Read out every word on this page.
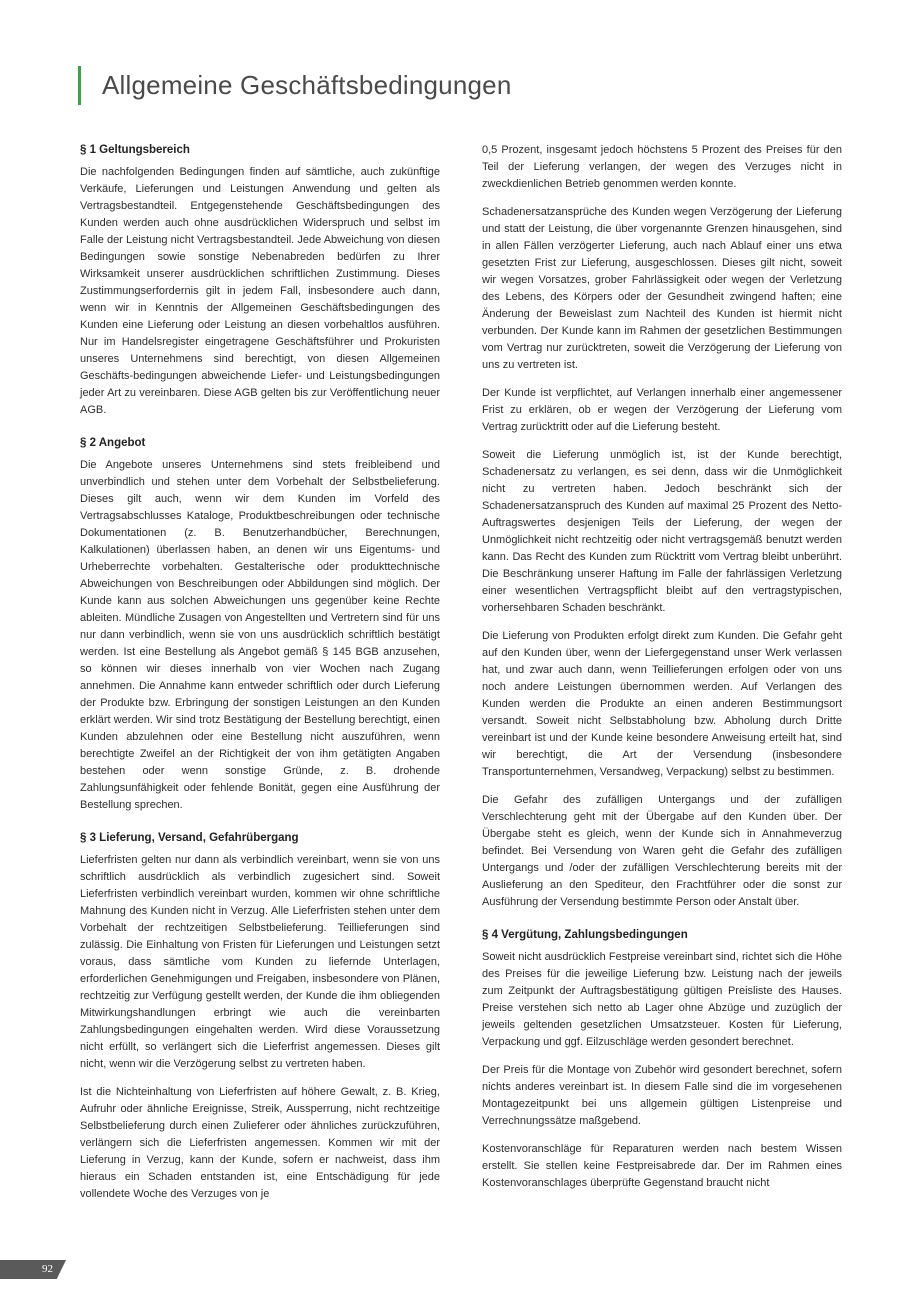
Allgemeine Geschäftsbedingungen
§ 1 Geltungsbereich

Die nachfolgenden Bedingungen finden auf sämtliche, auch zukünftige Verkäufe, Lieferungen und Leistungen Anwendung und gelten als Vertragsbestandteil. Entgegenstehende Geschäftsbedingungen des Kunden werden auch ohne ausdrücklichen Widerspruch und selbst im Falle der Leistung nicht Vertragsbestandteil. Jede Abweichung von diesen Bedingungen sowie sonstige Nebenabreden bedürfen zu Ihrer Wirksamkeit unserer ausdrücklichen schriftlichen Zustimmung. Dieses Zustimmungserfordernis gilt in jedem Fall, insbesondere auch dann, wenn wir in Kenntnis der Allgemeinen Geschäftsbedingungen des Kunden eine Lieferung oder Leistung an diesen vorbehaltlos ausführen. Nur im Handelsregister eingetragene Geschäftsführer und Prokuristen unseres Unternehmens sind berechtigt, von diesen Allgemeinen Geschäfts-bedingungen abweichende Liefer- und Leistungsbedingungen jeder Art zu vereinbaren. Diese AGB gelten bis zur Veröffentlichung neuer AGB.

§ 2 Angebot

Die Angebote unseres Unternehmens sind stets freibleibend und unverbindlich und stehen unter dem Vorbehalt der Selbstbelieferung. Dieses gilt auch, wenn wir dem Kunden im Vorfeld des Vertragsabschlusses Kataloge, Produktbeschreibungen oder technische Dokumentationen (z. B. Benutzerhandbücher, Berechnungen, Kalkulationen) überlassen haben, an denen wir uns Eigentums- und Urheberrechte vorbehalten. Gestalterische oder produkttechnische Abweichungen von Beschreibungen oder Abbildungen sind möglich. Der Kunde kann aus solchen Abweichungen uns gegenüber keine Rechte ableiten. Mündliche Zusagen von Angestellten und Vertretern sind für uns nur dann verbindlich, wenn sie von uns ausdrücklich schriftlich bestätigt werden. Ist eine Bestellung als Angebot gemäß § 145 BGB anzusehen, so können wir dieses innerhalb von vier Wochen nach Zugang annehmen. Die Annahme kann entweder schriftlich oder durch Lieferung der Produkte bzw. Erbringung der sonstigen Leistungen an den Kunden erklärt werden. Wir sind trotz Bestätigung der Bestellung berechtigt, einen Kunden abzulehnen oder eine Bestellung nicht auszuführen, wenn berechtigte Zweifel an der Richtigkeit der von ihm getätigten Angaben bestehen oder wenn sonstige Gründe, z. B. drohende Zahlungsunfähigkeit oder fehlende Bonität, gegen eine Ausführung der Bestellung sprechen.

§ 3 Lieferung, Versand, Gefahrübergang

Lieferfristen gelten nur dann als verbindlich vereinbart, wenn sie von uns schriftlich ausdrücklich als verbindlich zugesichert sind. Soweit Lieferfristen verbindlich vereinbart wurden, kommen wir ohne schriftliche Mahnung des Kunden nicht in Verzug. Alle Lieferfristen stehen unter dem Vorbehalt der rechtzeitigen Selbstbelieferung. Teillieferungen sind zulässig. Die Einhaltung von Fristen für Lieferungen und Leistungen setzt voraus, dass sämtliche vom Kunden zu liefernde Unterlagen, erforderlichen Genehmigungen und Freigaben, insbesondere von Plänen, rechtzeitig zur Verfügung gestellt werden, der Kunde die ihm obliegenden Mitwirkungshandlungen erbringt wie auch die vereinbarten Zahlungsbedingungen eingehalten werden. Wird diese Voraussetzung nicht erfüllt, so verlängert sich die Lieferfrist angemessen. Dieses gilt nicht, wenn wir die Verzögerung selbst zu vertreten haben.

Ist die Nichteinhaltung von Lieferfristen auf höhere Gewalt, z. B. Krieg, Aufruhr oder ähnliche Ereignisse, Streik, Aussperrung, nicht rechtzeitige Selbstbelieferung durch einen Zulieferer oder ähnliches zurückzuführen, verlängern sich die Lieferfristen angemessen. Kommen wir mit der Lieferung in Verzug, kann der Kunde, sofern er nachweist, dass ihm hieraus ein Schaden entstanden ist, eine Entschädigung für jede vollendete Woche des Verzuges von je

0,5 Prozent, insgesamt jedoch höchstens 5 Prozent des Preises für den Teil der Lieferung verlangen, der wegen des Verzuges nicht in zweckdienlichen Betrieb genommen werden konnte.

Schadenersatzansprüche des Kunden wegen Verzögerung der Lieferung und statt der Leistung, die über vorgenannte Grenzen hinausgehen, sind in allen Fällen verzögerter Lieferung, auch nach Ablauf einer uns etwa gesetzten Frist zur Lieferung, ausgeschlossen. Dieses gilt nicht, soweit wir wegen Vorsatzes, grober Fahrlässigkeit oder wegen der Verletzung des Lebens, des Körpers oder der Gesundheit zwingend haften; eine Änderung der Beweislast zum Nachteil des Kunden ist hiermit nicht verbunden. Der Kunde kann im Rahmen der gesetzlichen Bestimmungen vom Vertrag nur zurücktreten, soweit die Verzögerung der Lieferung von uns zu vertreten ist.

Der Kunde ist verpflichtet, auf Verlangen innerhalb einer angemessener Frist zu erklären, ob er wegen der Verzögerung der Lieferung vom Vertrag zurücktritt oder auf die Lieferung besteht.

Soweit die Lieferung unmöglich ist, ist der Kunde berechtigt, Schadenersatz zu verlangen, es sei denn, dass wir die Unmöglichkeit nicht zu vertreten haben. Jedoch beschränkt sich der Schadenersatzanspruch des Kunden auf maximal 25 Prozent des Netto-Auftragswertes desjenigen Teils der Lieferung, der wegen der Unmöglichkeit nicht rechtzeitig oder nicht vertragsgemäß benutzt werden kann. Das Recht des Kunden zum Rücktritt vom Vertrag bleibt unberührt. Die Beschränkung unserer Haftung im Falle der fahrlässigen Verletzung einer wesentlichen Vertragspflicht bleibt auf den vertragstypischen, vorhersehbaren Schaden beschränkt.

Die Lieferung von Produkten erfolgt direkt zum Kunden. Die Gefahr geht auf den Kunden über, wenn der Liefergegenstand unser Werk verlassen hat, und zwar auch dann, wenn Teillieferungen erfolgen oder von uns noch andere Leistungen übernommen werden. Auf Verlangen des Kunden werden die Produkte an einen anderen Bestimmungsort versandt. Soweit nicht Selbstabholung bzw. Abholung durch Dritte vereinbart ist und der Kunde keine besondere Anweisung erteilt hat, sind wir berechtigt, die Art der Versendung (insbesondere Transportunternehmen, Versandweg, Verpackung) selbst zu bestimmen.

Die Gefahr des zufälligen Untergangs und der zufälligen Verschlechterung geht mit der Übergabe auf den Kunden über. Der Übergabe steht es gleich, wenn der Kunde sich in Annahmeverzug befindet. Bei Versendung von Waren geht die Gefahr des zufälligen Untergangs und /oder der zufälligen Verschlechterung bereits mit der Auslieferung an den Spediteur, den Frachtführer oder die sonst zur Ausführung der Versendung bestimmte Person oder Anstalt über.

§ 4 Vergütung, Zahlungsbedingungen

Soweit nicht ausdrücklich Festpreise vereinbart sind, richtet sich die Höhe des Preises für die jeweilige Lieferung bzw. Leistung nach der jeweils zum Zeitpunkt der Auftragsbestätigung gültigen Preisliste des Hauses. Preise verstehen sich netto ab Lager ohne Abzüge und zuzüglich der jeweils geltenden gesetzlichen Umsatzsteuer. Kosten für Lieferung, Verpackung und ggf. Eilzuschläge werden gesondert berechnet.

Der Preis für die Montage von Zubehör wird gesondert berechnet, sofern nichts anderes vereinbart ist. In diesem Falle sind die im vorgesehenen Montagezeitpunkt bei uns allgemein gültigen Listenpreise und Verrechnungssätze maßgebend.

Kostenvoranschläge für Reparaturen werden nach bestem Wissen erstellt. Sie stellen keine Festpreisabrede dar. Der im Rahmen eines Kostenvoranschlages überprüfte Gegenstand braucht nicht

92
